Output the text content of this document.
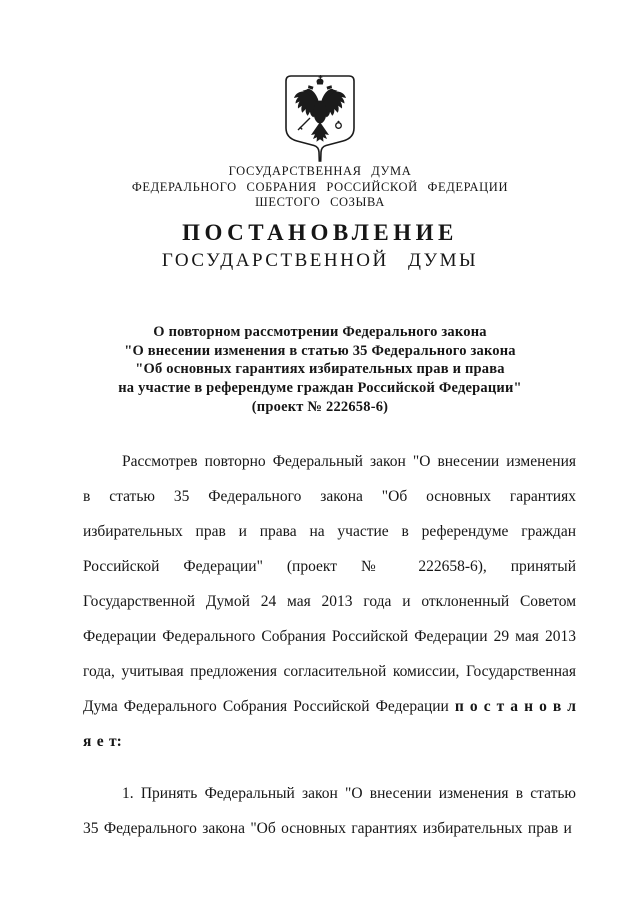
ГОСУДАРСТВЕННАЯ ДУМА
ФЕДЕРАЛЬНОГО СОБРАНИЯ РОССИЙСКОЙ ФЕДЕРАЦИИ
ШЕСТОГО СОЗЫВА
ПОСТАНОВЛЕНИЕ
ГОСУДАРСТВЕННОЙ ДУМЫ
О повторном рассмотрении Федерального закона
"О внесении изменения в статью 35 Федерального закона
"Об основных гарантиях избирательных прав и права
на участие в референдуме граждан Российской Федерации"
(проект № 222658-6)

Рассмотрев повторно Федеральный закон "О внесении изменения в статью 35 Федерального закона "Об основных гарантиях избирательных прав и права на участие в референдуме граждан Российской Федерации" (проект № 222658-6), принятый Государственной Думой 24 мая 2013 года и отклоненный Советом Федерации Федерального Собрания Российской Федерации 29 мая 2013 года, учитывая предложения согласительной комиссии, Государственная Дума Федерального Собрания Российской Федерации п о с т а н о в л я е т:

1. Принять Федеральный закон "О внесении изменения в статью 35 Федерального закона "Об основных гарантиях избирательных прав и
